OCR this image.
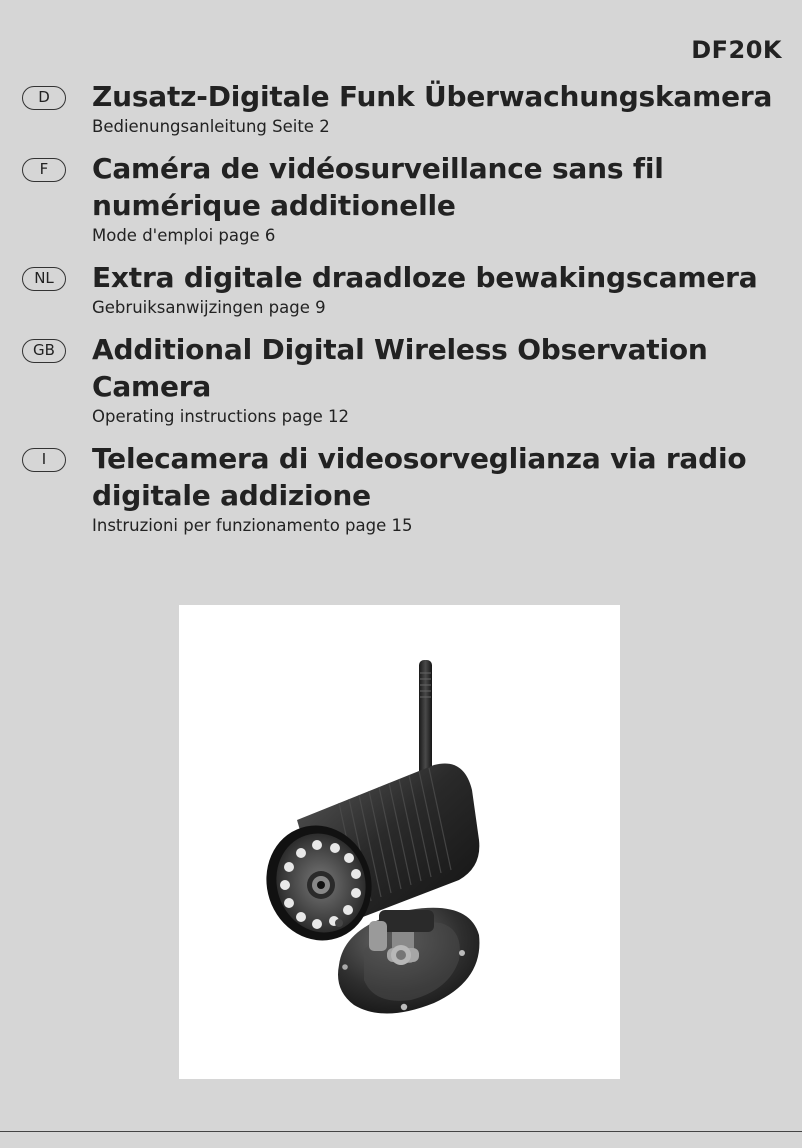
DF20K
D	Zusatz-Digitale Funk Überwachungskamera
Bedienungsanleitung Seite 2
F	Caméra de vidéosurveillance sans fil
numérique additionelle
Mode d'emploi page 6
NL	Extra digitale draadloze bewakingscamera
Gebruiksanwijzingen page 9
GB	Additional Digital Wireless Observation
Camera
Operating instructions page 12
I	Telecamera di videosorveglianza via radio
digitale addizione
Instruzioni per funzionamento page 15
